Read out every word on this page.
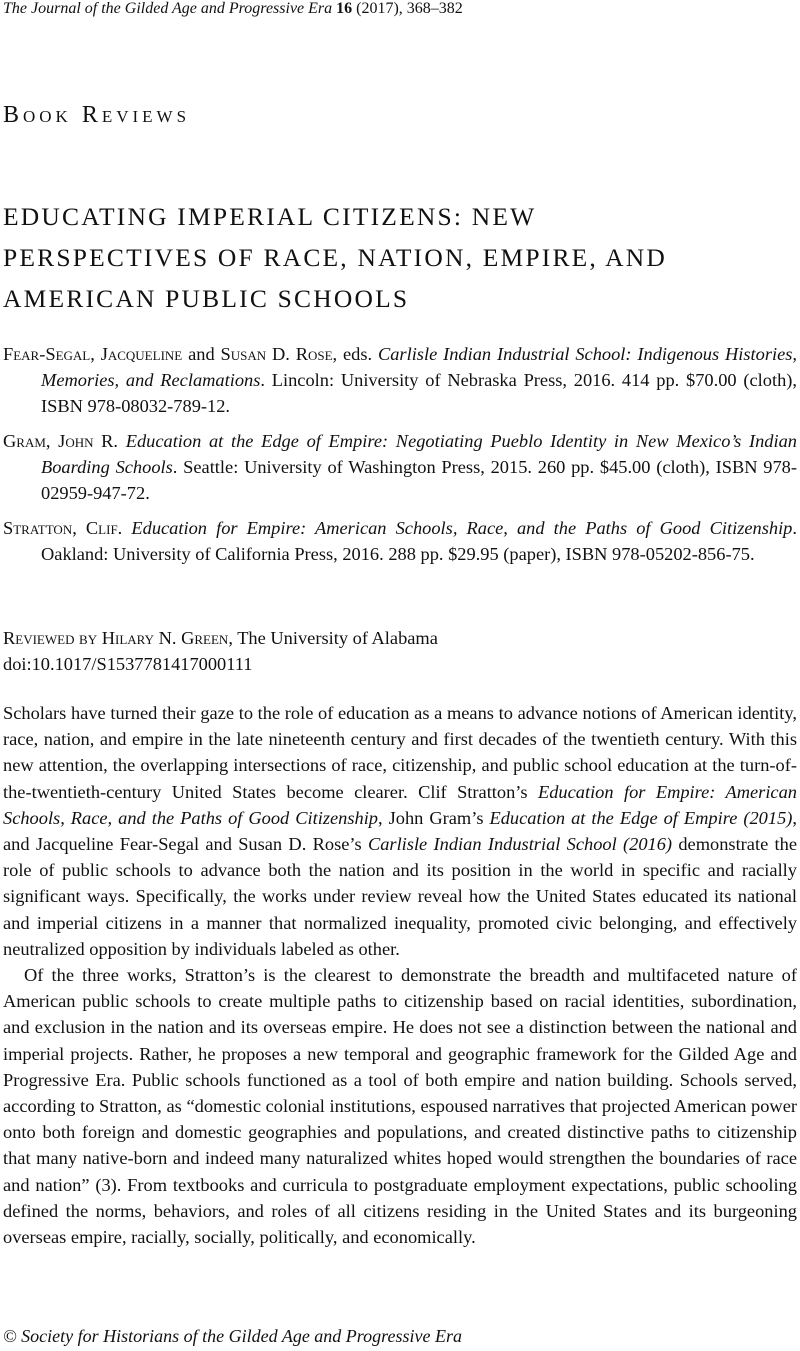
The Journal of the Gilded Age and Progressive Era 16 (2017), 368–382
Book Reviews
EDUCATING IMPERIAL CITIZENS: NEW
PERSPECTIVES OF RACE, NATION, EMPIRE, AND
AMERICAN PUBLIC SCHOOLS
Fear-Segal, Jacqueline and Susan D. Rose, eds. Carlisle Indian Industrial School: Indigenous Histories, Memories, and Reclamations. Lincoln: University of Nebraska Press, 2016. 414 pp. $70.00 (cloth), ISBN 978-08032-789-12.
Gram, John R. Education at the Edge of Empire: Negotiating Pueblo Identity in New Mexico’s Indian Boarding Schools. Seattle: University of Washington Press, 2015. 260 pp. $45.00 (cloth), ISBN 978-02959-947-72.
Stratton, Clif. Education for Empire: American Schools, Race, and the Paths of Good Citizenship. Oakland: University of California Press, 2016. 288 pp. $29.95 (paper), ISBN 978-05202-856-75.
Reviewed by Hilary N. Green, The University of Alabama
doi:10.1017/S1537781417000111

Scholars have turned their gaze to the role of education as a means to advance notions of American identity, race, nation, and empire in the late nineteenth century and first decades of the twentieth century. With this new attention, the overlapping intersections of race, citizenship, and public school education at the turn-of-the-twentieth-century United States become clearer. Clif Stratton’s Education for Empire: American Schools, Race, and the Paths of Good Citizenship, John Gram’s Education at the Edge of Empire (2015), and Jacqueline Fear-Segal and Susan D. Rose’s Carlisle Indian Industrial School (2016) demonstrate the role of public schools to advance both the nation and its position in the world in specific and racially significant ways. Specifically, the works under review reveal how the United States educated its national and imperial citizens in a manner that normalized inequality, promoted civic belonging, and effectively neutralized opposition by individuals labeled as other.

Of the three works, Stratton’s is the clearest to demonstrate the breadth and multifaceted nature of American public schools to create multiple paths to citizenship based on racial identities, subordination, and exclusion in the nation and its overseas empire. He does not see a distinction between the national and imperial projects. Rather, he proposes a new temporal and geographic framework for the Gilded Age and Progressive Era. Public schools functioned as a tool of both empire and nation building. Schools served, according to Stratton, as “domestic colonial institutions, espoused narratives that projected American power onto both foreign and domestic geographies and populations, and created distinctive paths to citizenship that many native-born and indeed many naturalized whites hoped would strengthen the boundaries of race and nation” (3). From textbooks and curricula to postgraduate employment expectations, public schooling defined the norms, behaviors, and roles of all citizens residing in the United States and its burgeoning overseas empire, racially, socially, politically, and economically.

© Society for Historians of the Gilded Age and Progressive Era
